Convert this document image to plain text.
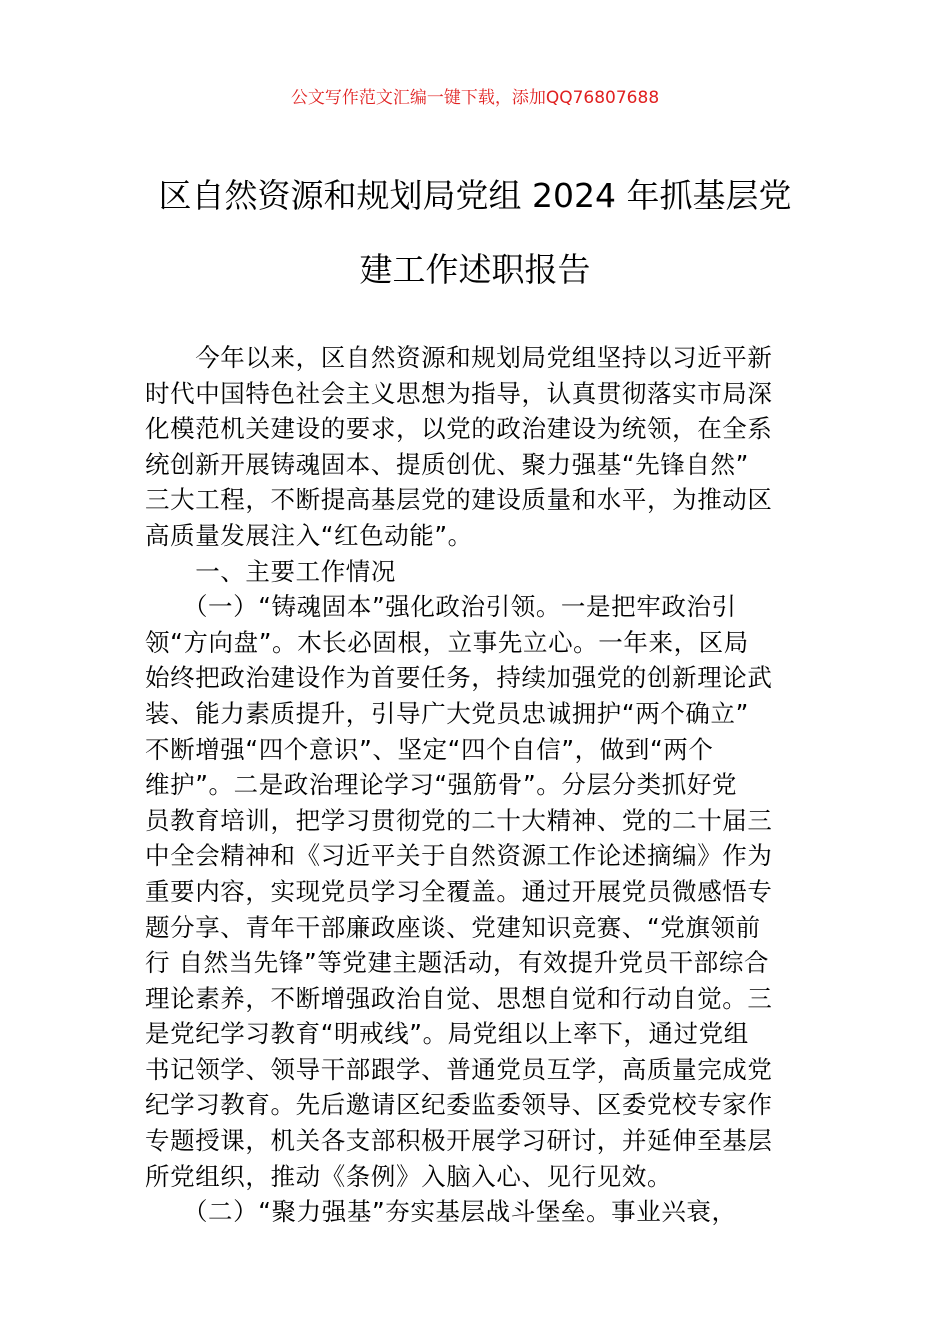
公文写作范文汇编一键下载，添加QQ76807688
区自然资源和规划局党组 2024 年抓基层党
建工作述职报告
　　今年以来，区自然资源和规划局党组坚持以习近平新
时代中国特色社会主义思想为指导，认真贯彻落实市局深
化模范机关建设的要求，以党的政治建设为统领，在全系
统创新开展铸魂固本、提质创优、聚力强基“先锋自然”
三大工程，不断提高基层党的建设质量和水平，为推动区
高质量发展注入“红色动能”。
　　一、主要工作情况
　　（一）“铸魂固本”强化政治引领。一是把牢政治引
领“方向盘”。木长必固根，立事先立心。一年来，区局
始终把政治建设作为首要任务，持续加强党的创新理论武
装、能力素质提升，引导广大党员忠诚拥护“两个确立”
不断增强“四个意识”、坚定“四个自信”，做到“两个
维护”。二是政治理论学习“强筋骨”。分层分类抓好党
员教育培训，把学习贯彻党的二十大精神、党的二十届三
中全会精神和《习近平关于自然资源工作论述摘编》作为
重要内容，实现党员学习全覆盖。通过开展党员微感悟专
题分享、青年干部廉政座谈、党建知识竞赛、“党旗领前
行 自然当先锋”等党建主题活动，有效提升党员干部综合
理论素养，不断增强政治自觉、思想自觉和行动自觉。三
是党纪学习教育“明戒线”。局党组以上率下，通过党组
书记领学、领导干部跟学、普通党员互学，高质量完成党
纪学习教育。先后邀请区纪委监委领导、区委党校专家作
专题授课，机关各支部积极开展学习研讨，并延伸至基层
所党组织，推动《条例》入脑入心、见行见效。
　　（二）“聚力强基”夯实基层战斗堡垒。事业兴衰，
